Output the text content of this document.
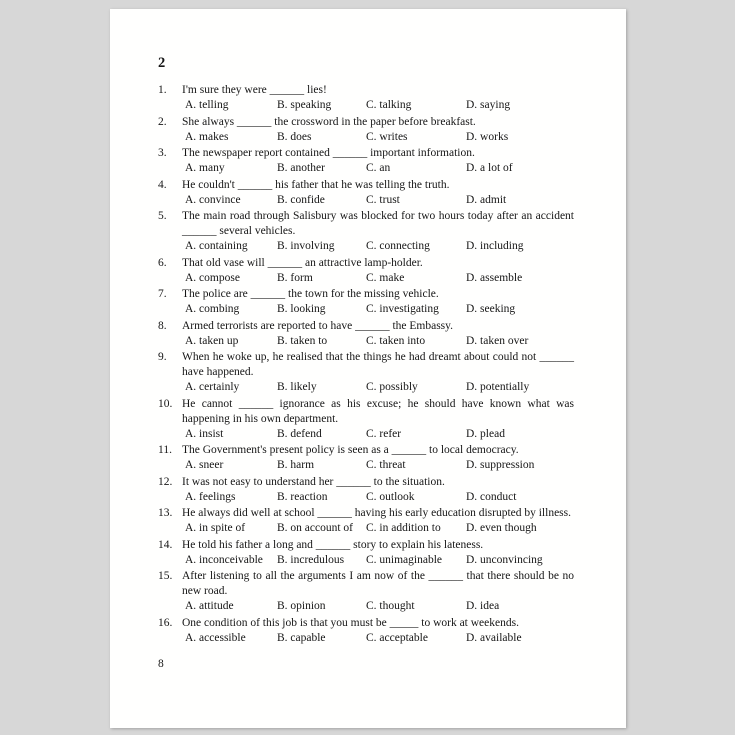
2
1.	I'm sure they were ______ lies!
A. telling	B. speaking	C. talking	D. saying
2.	She always ______ the crossword in the paper before breakfast.
A. makes	B. does	C. writes	D. works
3.	The newspaper report contained ______ important information.
A. many	B. another	C. an	D. a lot of
4.	He couldn't ______ his father that he was telling the truth.
A. convince	B. confide	C. trust	D. admit
5.	The main road through Salisbury was blocked for two hours today after an accident ______ several vehicles.
A. containing	B. involving	C. connecting	D. including
6.	That old vase will ______ an attractive lamp-holder.
A. compose	B. form	C. make	D. assemble
7.	The police are ______ the town for the missing vehicle.
A. combing	B. looking	C. investigating	D. seeking
8.	Armed terrorists are reported to have ______ the Embassy.
A. taken up	B. taken to	C. taken into	D. taken over
9.	When he woke up, he realised that the things he had dreamt about could not ______ have happened.
A. certainly	B. likely	C. possibly	D. potentially
10. He cannot ______ ignorance as his excuse; he should have known what was happening in his own department.
A. insist	B. defend	C. refer	D. plead
11. The Government's present policy is seen as a ______ to local democracy.
A. sneer	B. harm	C. threat	D. suppression
12. It was not easy to understand her ______ to the situation.
A. feelings	B. reaction	C. outlook	D. conduct
13. He always did well at school ______ having his early education disrupted by illness.
A. in spite of	B. on account of	C. in addition to	D. even though
14. He told his father a long and ______ story to explain his lateness.
A. inconceivable	B. incredulous	C. unimaginable	D. unconvincing
15. After listening to all the arguments I am now of the ______ that there should be no new road.
A. attitude	B. opinion	C. thought	D. idea
16. One condition of this job is that you must be _____ to work at weekends.
A. accessible	B. capable	C. acceptable	D. available
8
